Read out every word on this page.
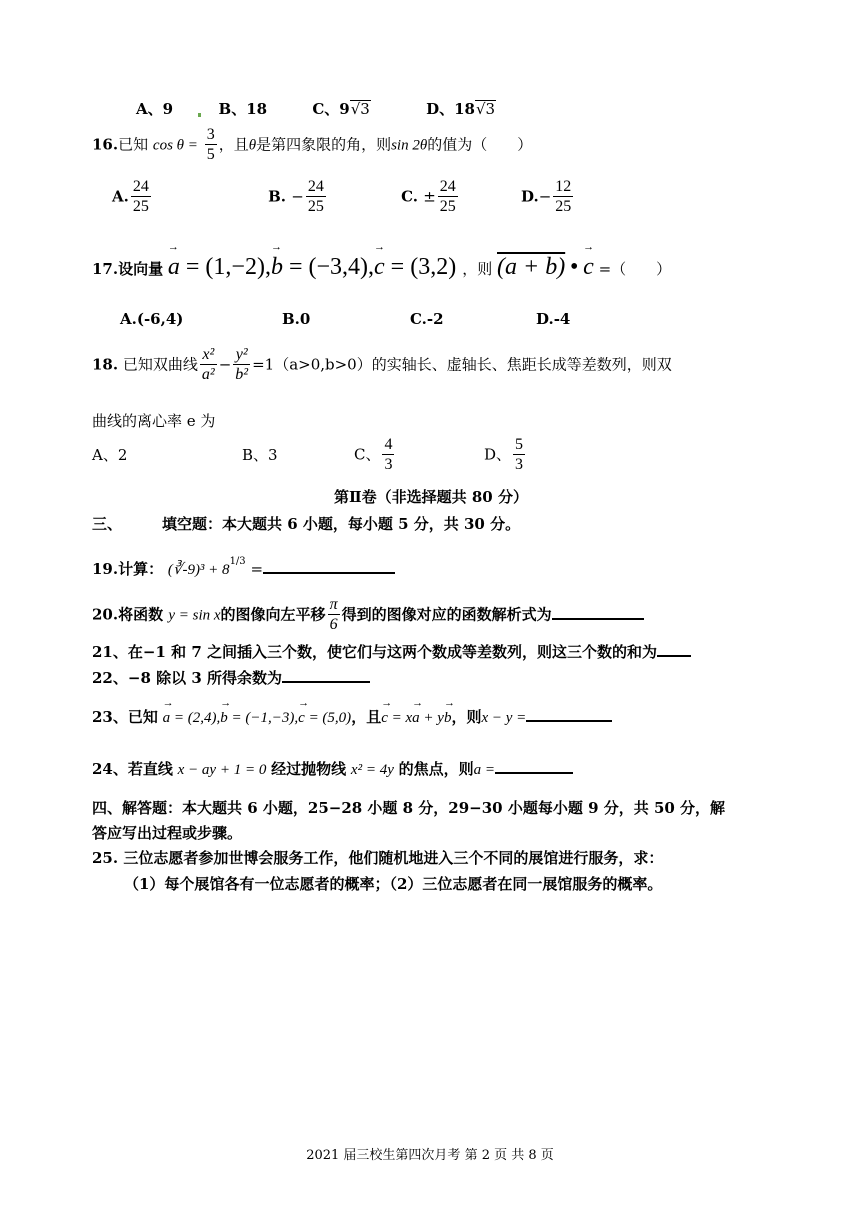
A、9	B、18	C、9√3	D、18√3
16.已知 $\cos \theta = \frac{3}{5}$ ，且θ是第四象限的角，则sin 2θ的值为（　　）
A. $\frac{24}{25}$	B. − $\frac{24}{25}$	C. ± $\frac{24}{25}$	$D.- \frac{12}{25}$
17.设向量 → a = (1,−2),→ b = (−3,4),→ c = (3,2) ，则 (a + b) • → c =（　　）
A.(-6,4)	B.0	C.-2	D.-4
18. 已知双曲线 $\frac{\text{x²}}{\text{a²}} - \frac{\text{y²}}{\text{b²}} =1(a>0,b>0)$的实轴长、虚轴长、焦距长成等差数列，则双
曲线的离心率 e 为
A、2	B、3	C、 $\frac{4}{3}$	D、 $\frac{5}{3}$
第Ⅱ卷（非选择题共 80 分）
三、	填空题：本大题共 6 小题，每小题 5 分，共 30 分。
19.计算： (∛-9)³ + $8^{1/3}$ =
20.将函数 y = sin x的图像向左平移 $\frac{\pi}{6}$ 得到的图像对应的函数解析式为
21、在−1 和 7 之间插入三个数，使它们与这两个数成等差数列，则这三个数的和为
22、−8 除以 3 所得余数为
23、已知 → a = (2,4),→ b = (−1,−3),→ c = (5,0)，且→ c = x→ a + y→ b，则x − y =
24、若直线 x − ay + 1 = 0 经过抛物线 x² = 4y 的焦点，则a =
四、解答题：本大题共 6 小题，25−28 小题 8 分，29−30 小题每小题 9 分，共 50 分，解
答应写出过程或步骤。
25. 三位志愿者参加世博会服务工作，他们随机地进入三个不同的展馆进行服务，求：
（1）每个展馆各有一位志愿者的概率；（2）三位志愿者在同一展馆服务的概率。
2021 届三校生第四次月考 第 2 页 共 8 页
